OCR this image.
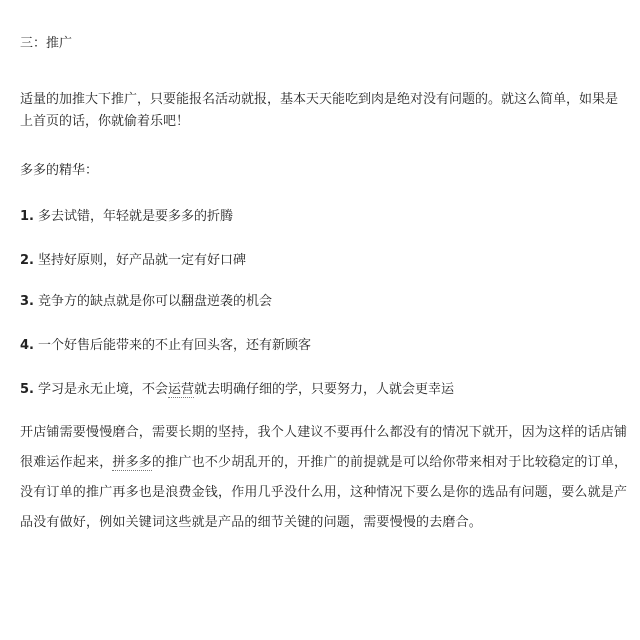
三：推广
适量的加推大下推广，只要能报名活动就报，基本天天能吃到肉是绝对没有问题的。就这么简单，如果是上首页的话，你就偷着乐吧！
多多的精华：
1. 多去试错，年轻就是要多多的折腾
2. 坚持好原则，好产品就一定有好口碑
3. 竞争方的缺点就是你可以翻盘逆袭的机会
4. 一个好售后能带来的不止有回头客，还有新顾客
5. 学习是永无止境，不会运营就去明确仔细的学，只要努力，人就会更幸运
开店铺需要慢慢磨合，需要长期的坚持，我个人建议不要再什么都没有的情况下就开，因为这样的话店铺很难运作起来，拼多多的推广也不少胡乱开的，开推广的前提就是可以给你带来相对于比较稳定的订单，没有订单的推广再多也是浪费金钱，作用几乎没什么用，这种情况下要么是你的选品有问题，要么就是产品没有做好，例如关键词这些就是产品的细节关键的问题，需要慢慢的去磨合。
